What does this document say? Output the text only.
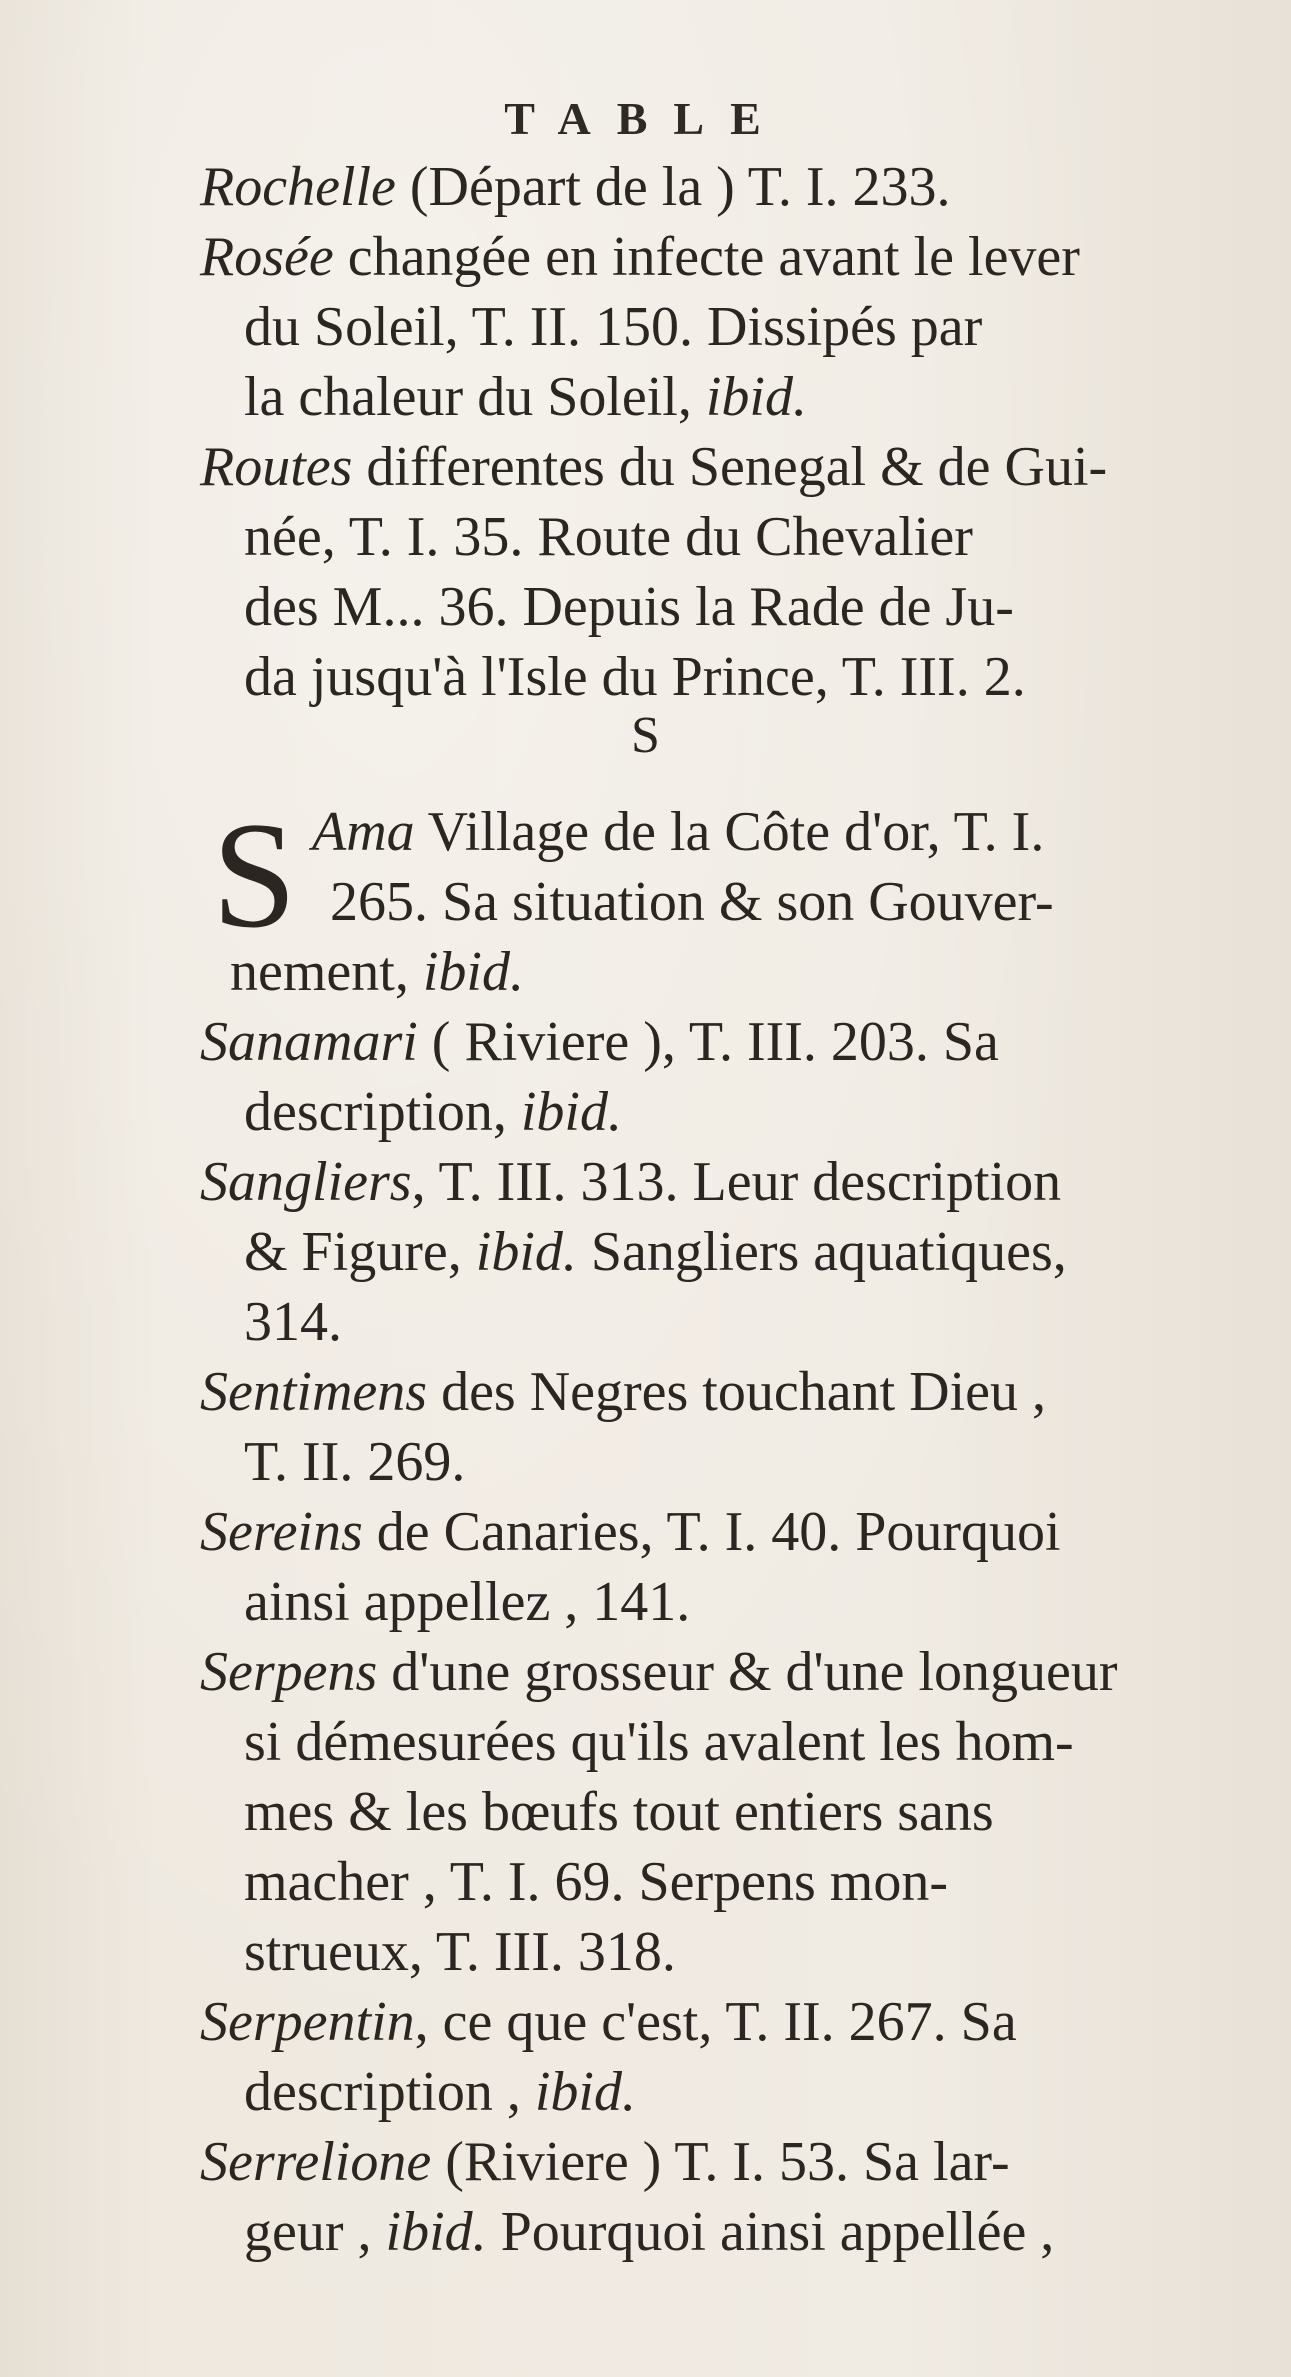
TABLE
Rochelle (Départ de la ) T. I. 233.
Rosée changée en infecte avant le lever
du Soleil, T. II. 150. Dissipés par
la chaleur du Soleil, ibid.
Routes differentes du Senegal & de Gui-
née, T. I. 35. Route du Chevalier
des M... 36. Depuis la Rade de Ju-
da jusqu'à l'Isle du Prince, T. III. 2.
S
S Ama Village de la Côte d'or, T. I.
265. Sa situation & son Gouver-
nement, ibid.
Sanamari ( Riviere ), T. III. 203. Sa
description, ibid.
Sangliers, T. III. 313. Leur description
& Figure, ibid. Sangliers aquatiques,
314.
Sentimens des Negres touchant Dieu ,
T. II. 269.
Sereins de Canaries, T. I. 40. Pourquoi
ainsi appellez , 141.
Serpens d'une grosseur & d'une longueur
si démesurées qu'ils avalent les hom-
mes & les bœufs tout entiers sans
macher , T. I. 69. Serpens mon-
strueux, T. III. 318.
Serpentin, ce que c'est, T. II. 267. Sa
description , ibid.
Serrelione (Riviere ) T. I. 53. Sa lar-
geur , ibid. Pourquoi ainsi appellée ,
